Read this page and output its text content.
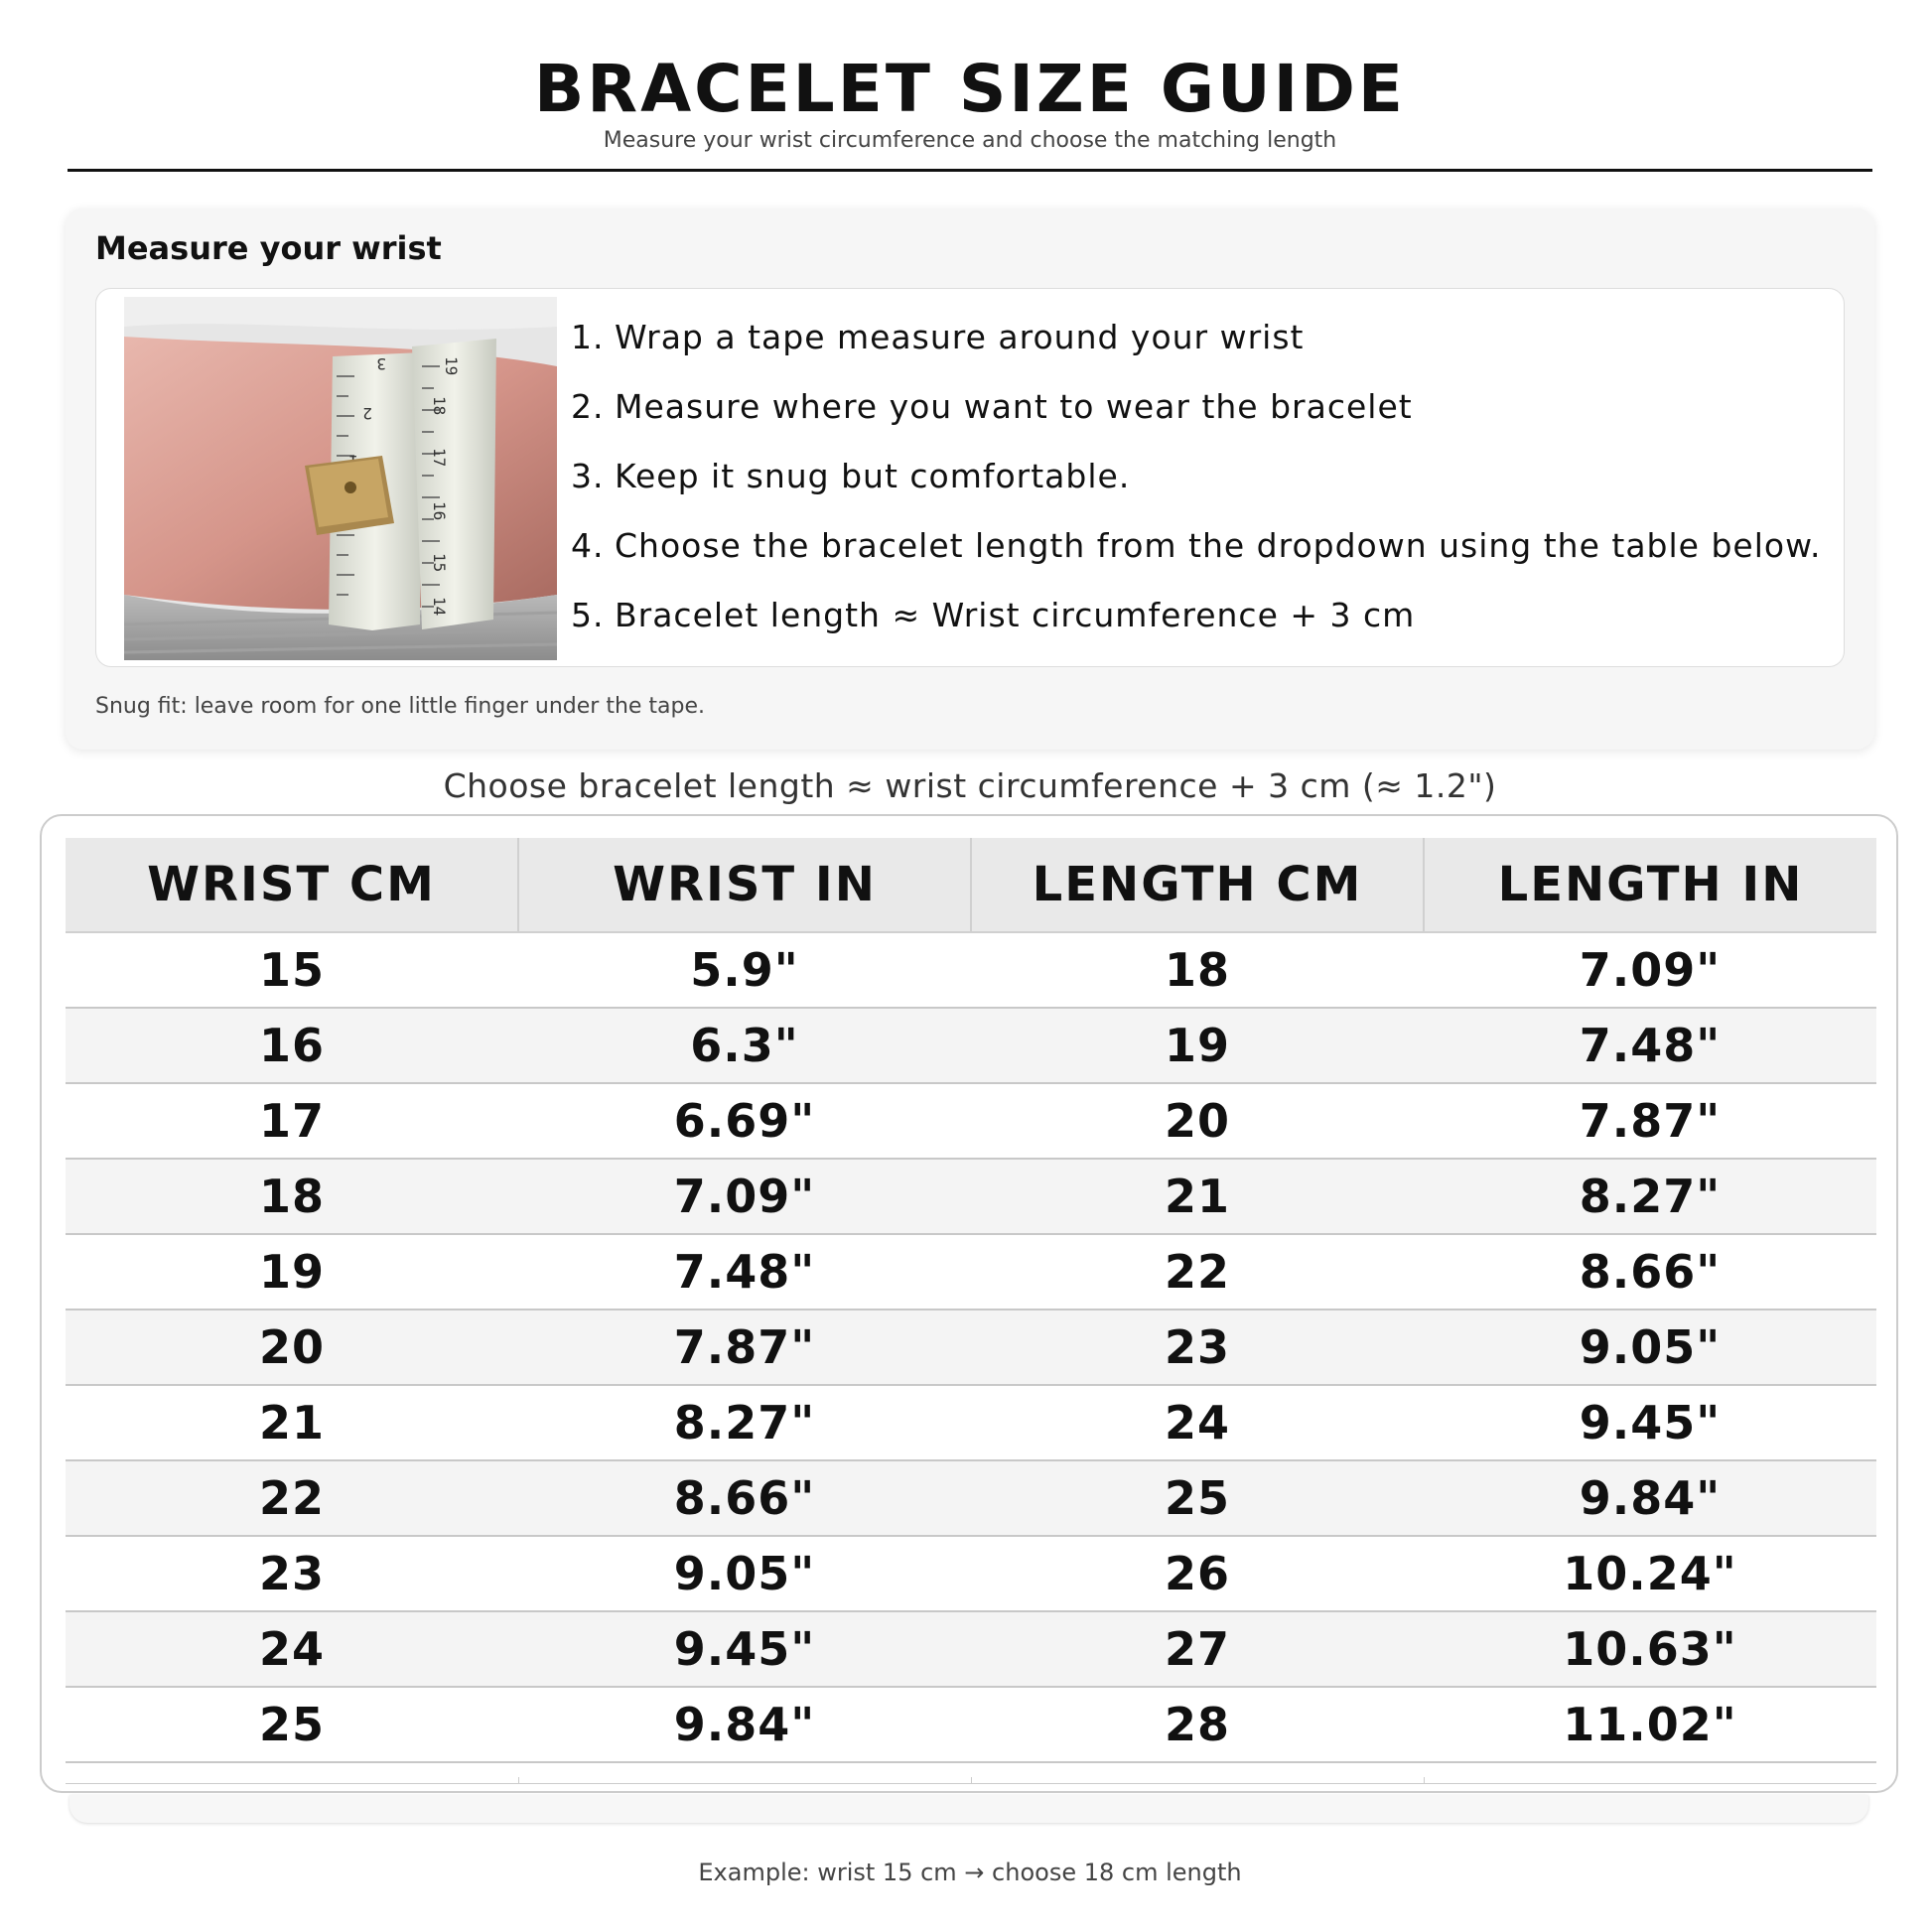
BRACELET SIZE GUIDE
Measure your wrist circumference and choose the matching length
Measure your wrist
3
2
19
18
17
16
15
14
1. Wrap a tape measure around your wrist
2. Measure where you want to wear the bracelet
3. Keep it snug but comfortable.
4. Choose the bracelet length from the dropdown using the table below.
5. Bracelet length ≈ Wrist circumference + 3 cm
Snug fit: leave room for one little finger under the tape.
Choose bracelet length ≈ wrist circumference + 3 cm (≈ 1.2")
WRIST CM	WRIST IN	LENGTH CM	LENGTH IN
15	5.9"	18	7.09"
16	6.3"	19	7.48"
17	6.69"	20	7.87"
18	7.09"	21	8.27"
19	7.48"	22	8.66"
20	7.87"	23	9.05"
21	8.27"	24	9.45"
22	8.66"	25	9.84"
23	9.05"	26	10.24"
24	9.45"	27	10.63"
25	9.84"	28	11.02"
Example: wrist 15 cm → choose 18 cm length
